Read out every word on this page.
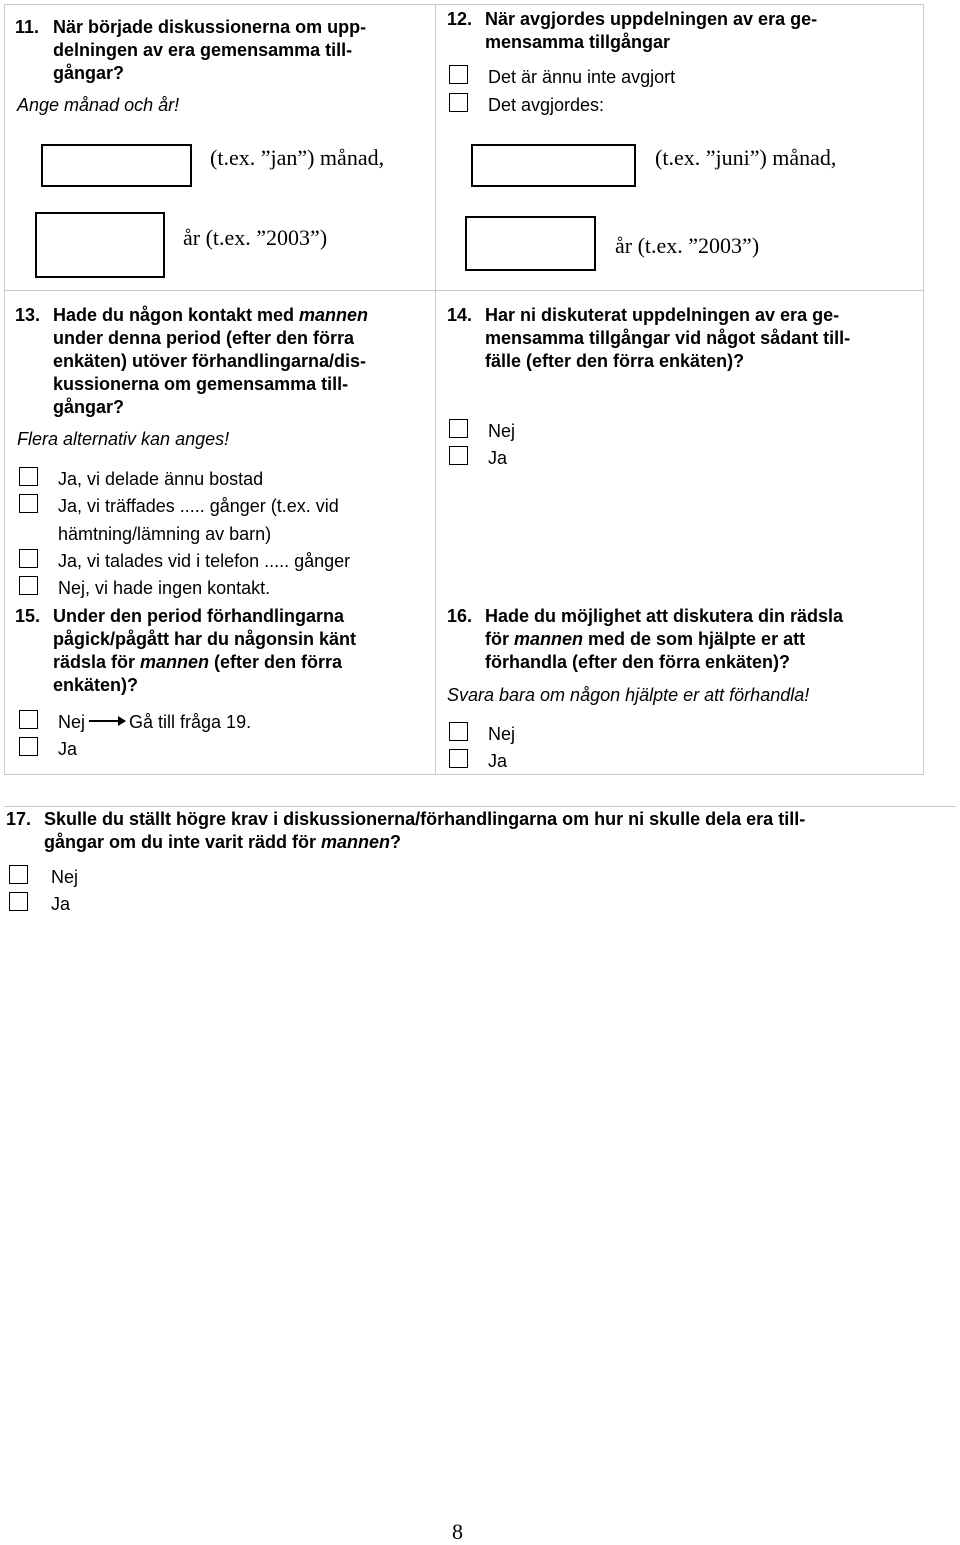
11. När började diskussionerna om upp-
delningen av era gemensamma till-
gångar?
Ange månad och år!
(t.ex. ”jan”) månad,
år (t.ex. ”2003”)
12. När avgjordes uppdelningen av era ge-
mensamma tillgångar
Det är ännu inte avgjort
Det avgjordes:
(t.ex. ”juni”) månad,
år (t.ex. ”2003”)
13. Hade du någon kontakt med mannen
under denna period (efter den förra
enkäten) utöver förhandlingarna/dis-
kussionerna om gemensamma till-
gångar?
Flera alternativ kan anges!
Ja, vi delade ännu bostad
Ja, vi träffades ..... gånger (t.ex. vid
hämtning/lämning av barn)
Ja, vi talades vid i telefon ..... gånger
Nej, vi hade ingen kontakt.
14. Har ni diskuterat uppdelningen av era ge-
mensamma tillgångar vid något sådant till-
fälle (efter den förra enkäten)?
Nej
Ja
15. Under den period förhandlingarna
pågick/pågått har du någonsin känt
rädsla för mannen (efter den förra
enkäten)?
Nej Gå till fråga 19.
Ja
16. Hade du möjlighet att diskutera din rädsla
för mannen med de som hjälpte er att
förhandla (efter den förra enkäten)?
Svara bara om någon hjälpte er att förhandla!
Nej
Ja
17. Skulle du ställt högre krav i diskussionerna/förhandlingarna om hur ni skulle dela era till-
gångar om du inte varit rädd för mannen?
Nej
Ja
8
